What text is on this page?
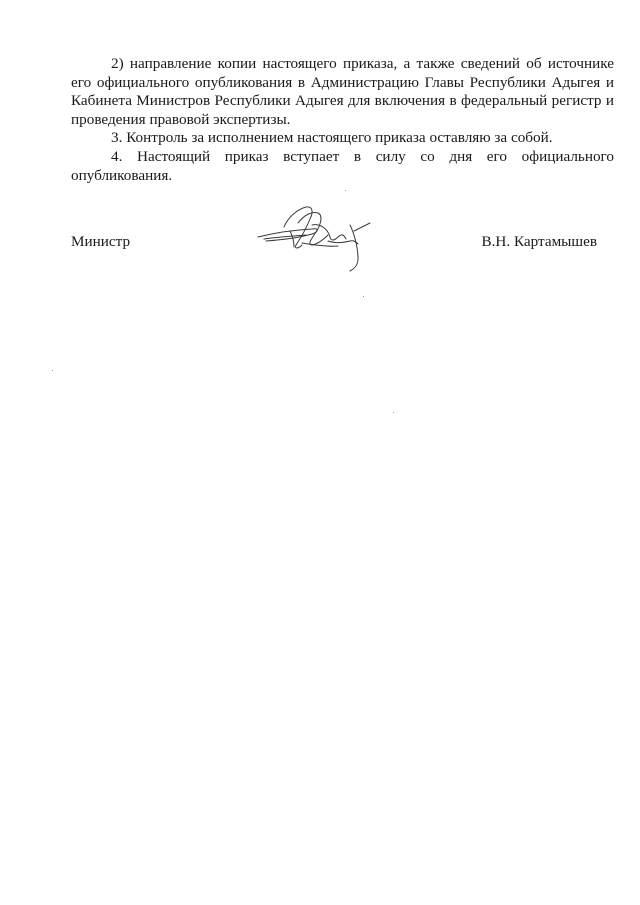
2) направление копии настоящего приказа, а также сведений об источнике его официального опубликования в Администрацию Главы Республики Адыгея и Кабинета Министров Республики Адыгея для включения в федеральный регистр и проведения правовой экспертизы.

3. Контроль за исполнением настоящего приказа оставляю за собой.

4. Настоящий приказ вступает в силу со дня его официального опубликования.

Министр	В.Н. Картамышев
